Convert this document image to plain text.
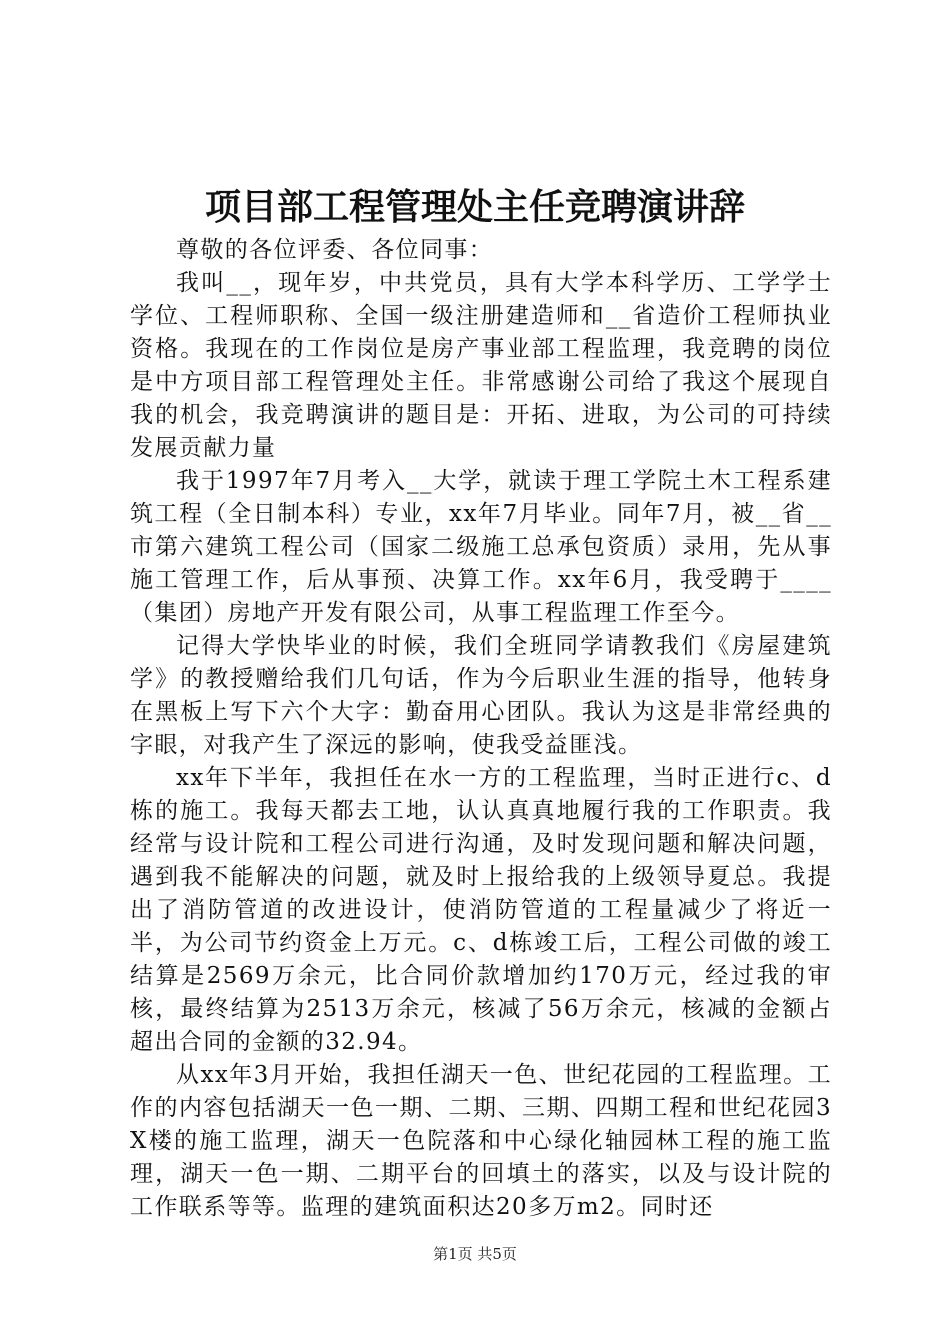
项目部工程管理处主任竞聘演讲辞

尊敬的各位评委、各位同事：

我叫__，现年岁，中共党员，具有大学本科学历、工学学士学位、工程师职称、全国一级注册建造师和__省造价工程师执业资格。我现在的工作岗位是房产事业部工程监理，我竞聘的岗位是中方项目部工程管理处主任。非常感谢公司给了我这个展现自我的机会，我竞聘演讲的题目是：开拓、进取，为公司的可持续发展贡献力量

我于1997年7月考入__大学，就读于理工学院土木工程系建筑工程（全日制本科）专业，xx年7月毕业。同年7月，被__省__市第六建筑工程公司（国家二级施工总承包资质）录用，先从事施工管理工作，后从事预、决算工作。xx年6月，我受聘于____（集团）房地产开发有限公司，从事工程监理工作至今。

记得大学快毕业的时候，我们全班同学请教我们《房屋建筑学》的教授赠给我们几句话，作为今后职业生涯的指导，他转身在黑板上写下六个大字：勤奋用心团队。我认为这是非常经典的字眼，对我产生了深远的影响，使我受益匪浅。

xx年下半年，我担任在水一方的工程监理，当时正进行c、d栋的施工。我每天都去工地，认认真真地履行我的工作职责。我经常与设计院和工程公司进行沟通，及时发现问题和解决问题，遇到我不能解决的问题，就及时上报给我的上级领导夏总。我提出了消防管道的改进设计，使消防管道的工程量减少了将近一半，为公司节约资金上万元。c、d栋竣工后，工程公司做的竣工结算是2569万余元，比合同价款增加约170万元，经过我的审核，最终结算为2513万余元，核减了56万余元，核减的金额占超出合同的金额的32.94。

从xx年3月开始，我担任湖天一色、世纪花园的工程监理。工作的内容包括湖天一色一期、二期、三期、四期工程和世纪花园3X楼的施工监理，湖天一色院落和中心绿化轴园林工程的施工监理，湖天一色一期、二期平台的回填土的落实，以及与设计院的工作联系等等。监理的建筑面积达20多万m2。同时还

第1页 共5页
